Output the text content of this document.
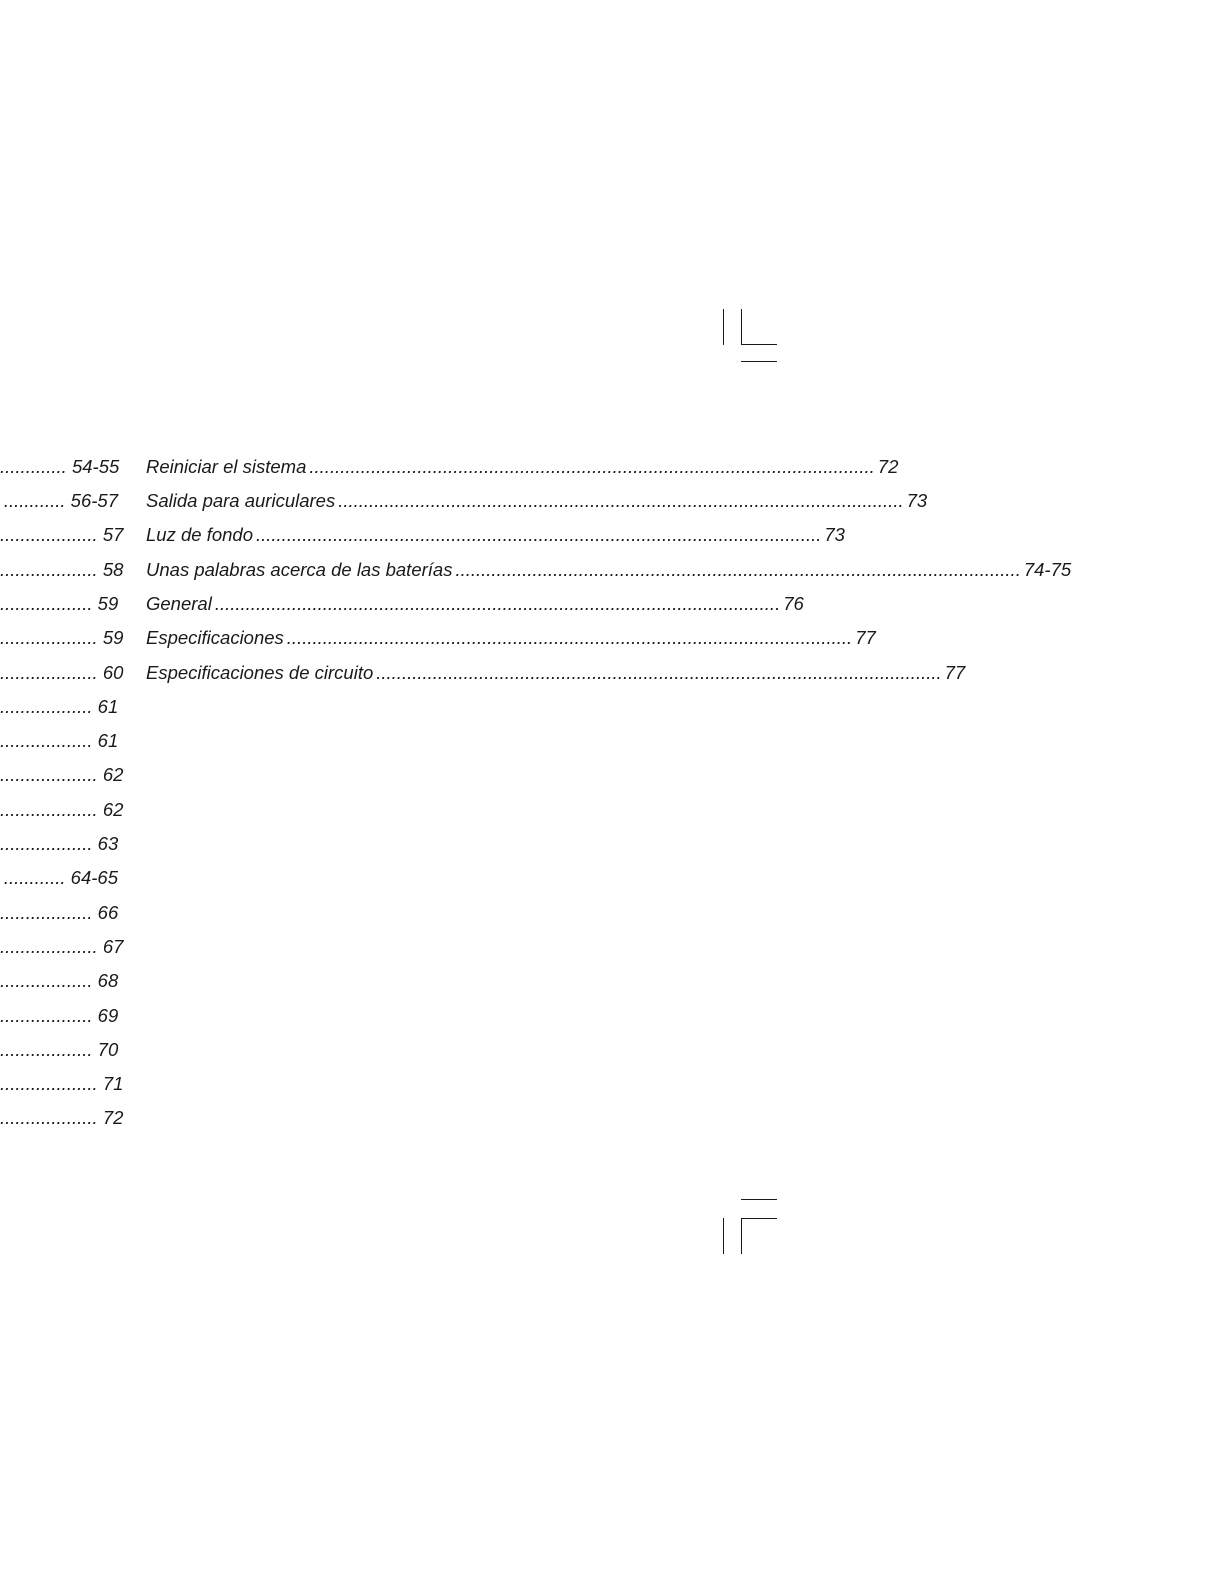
............. 54-55
............ 56-57
................... 57
................... 58
.................. 59
................... 59
................... 60
.................. 61
.................. 61
................... 62
................... 62
.................. 63
............ 64-65
.................. 66
................... 67
.................. 68
.................. 69
.................. 70
................... 71
................... 72
Reiniciar el sistema .............................................................................................................. 72
Salida para auriculares .............................................................................................................. 73
Luz de fondo .............................................................................................................. 73
Unas palabras acerca de las baterías .............................................................................................................. 74-75
General .............................................................................................................. 76
Especificaciones .............................................................................................................. 77
Especificaciones de circuito .............................................................................................................. 77
